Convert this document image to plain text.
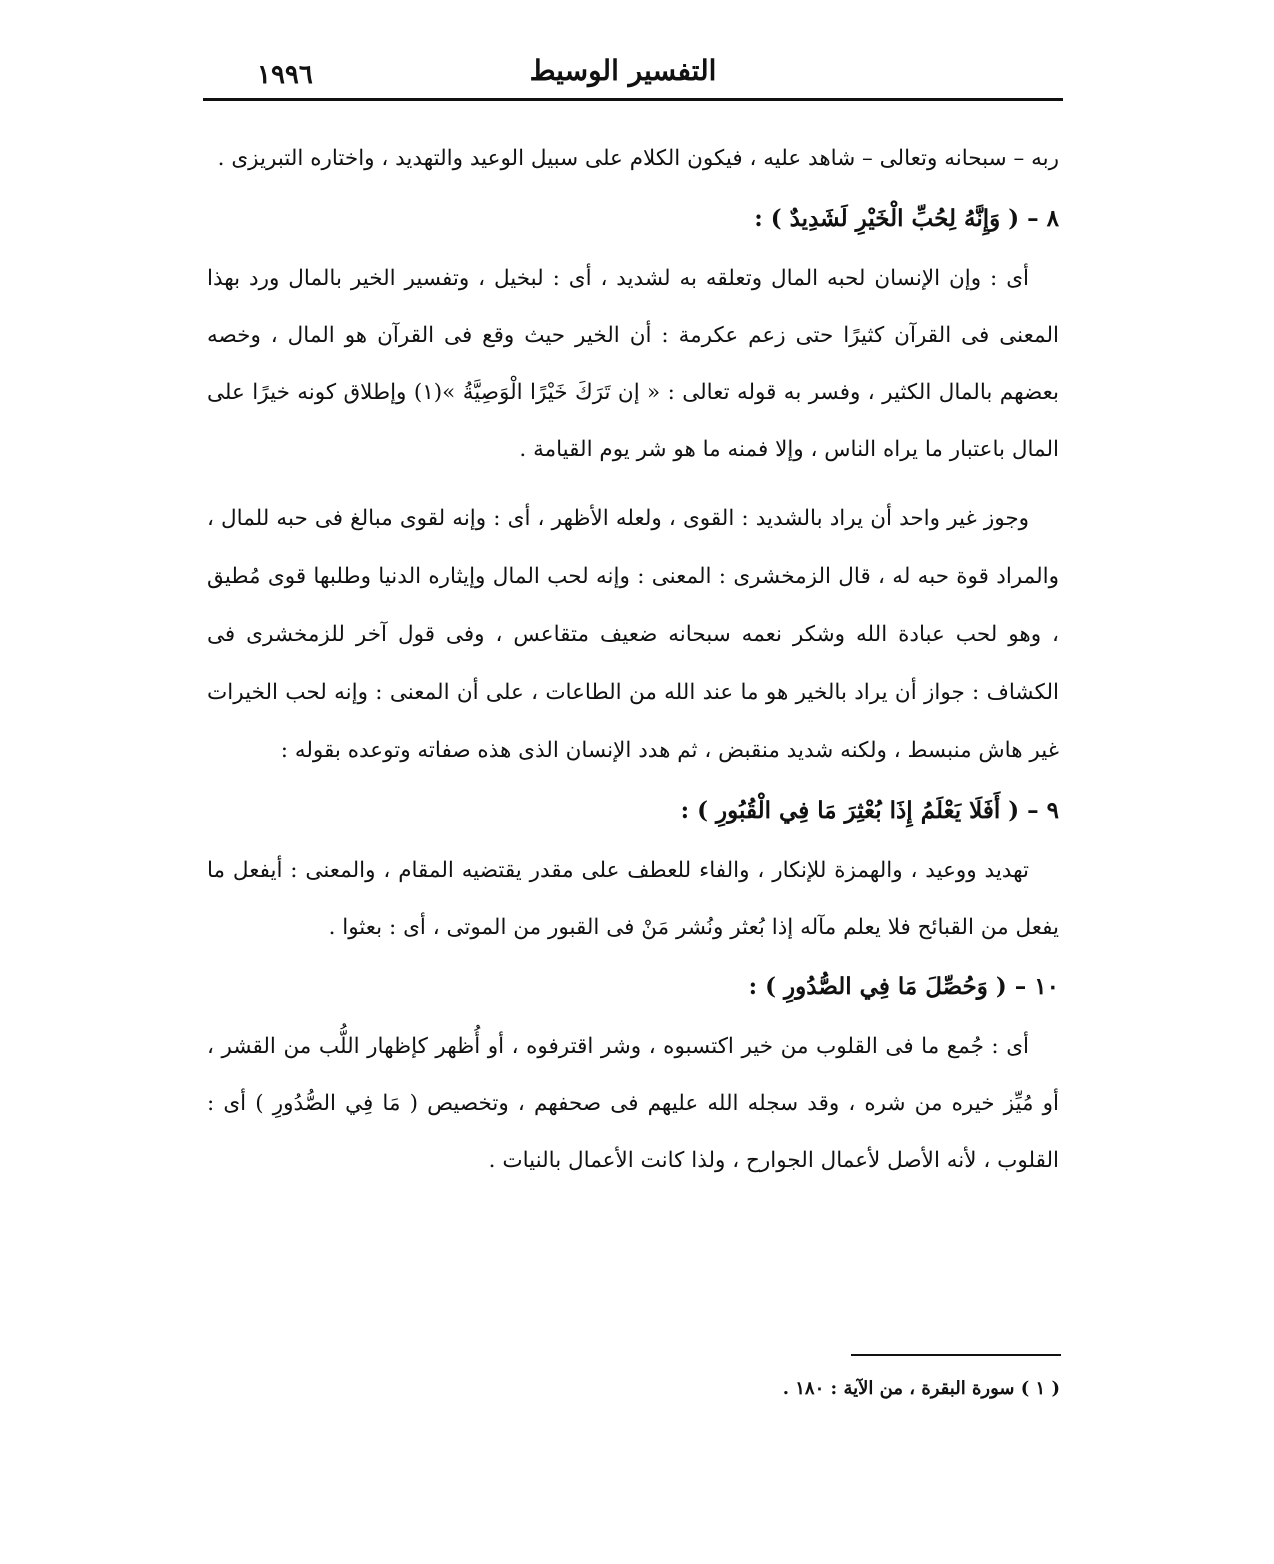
١٩٩٦	التفسير الوسيط

ربه – سبحانه وتعالى – شاهد عليه ، فيكون الكلام على سبيل الوعيد والتهديد ، واختاره التبريزى .

٨ – ( وَإِنَّهُ لِحُبِّ الْخَيْرِ لَشَدِيدٌ ) :

أى : وإن الإنسان لحبه المال وتعلقه به لشديد ، أى : لبخيل ، وتفسير الخير بالمال ورد بهذا المعنى فى القرآن كثيرًا حتى زعم عكرمة : أن الخير حيث وقع فى القرآن هو المال ، وخصه بعضهم بالمال الكثير ، وفسر به قوله تعالى : « إن تَرَكَ خَيْرًا الْوَصِيَّةُ »(١) وإطلاق كونه خيرًا على المال باعتبار ما يراه الناس ، وإلا فمنه ما هو شر يوم القيامة .

وجوز غير واحد أن يراد بالشديد : القوى ، ولعله الأظهر ، أى : وإنه لقوى مبالغ فى حبه للمال ، والمراد قوة حبه له ، قال الزمخشرى : المعنى : وإنه لحب المال وإيثاره الدنيا وطلبها قوى مُطيق ، وهو لحب عبادة الله وشكر نعمه سبحانه ضعيف متقاعس ، وفى قول آخر للزمخشرى فى الكشاف : جواز أن يراد بالخير هو ما عند الله من الطاعات ، على أن المعنى : وإنه لحب الخيرات غير هاش منبسط ، ولكنه شديد منقبض ، ثم هدد الإنسان الذى هذه صفاته وتوعده بقوله :

٩ – ( أَفَلَا يَعْلَمُ إِذَا بُعْثِرَ مَا فِي الْقُبُورِ ) :

تهديد ووعيد ، والهمزة للإنكار ، والفاء للعطف على مقدر يقتضيه المقام ، والمعنى : أيفعل ما يفعل من القبائح فلا يعلم مآله إذا بُعثر ونُشر مَنْ فى القبور من الموتى ، أى : بعثوا .

١٠ – ( وَحُصِّلَ مَا فِي الصُّدُورِ ) :

أى : جُمع ما فى القلوب من خير اكتسبوه ، وشر اقترفوه ، أو أُظهر كإظهار اللُّب من القشر ، أو مُيِّز خيره من شره ، وقد سجله الله عليهم فى صحفهم ، وتخصيص ( مَا فِي الصُّدُورِ ) أى : القلوب ، لأنه الأصل لأعمال الجوارح ، ولذا كانت الأعمال بالنيات .

( ١ ) سورة البقرة ، من الآية : ١٨٠ .
